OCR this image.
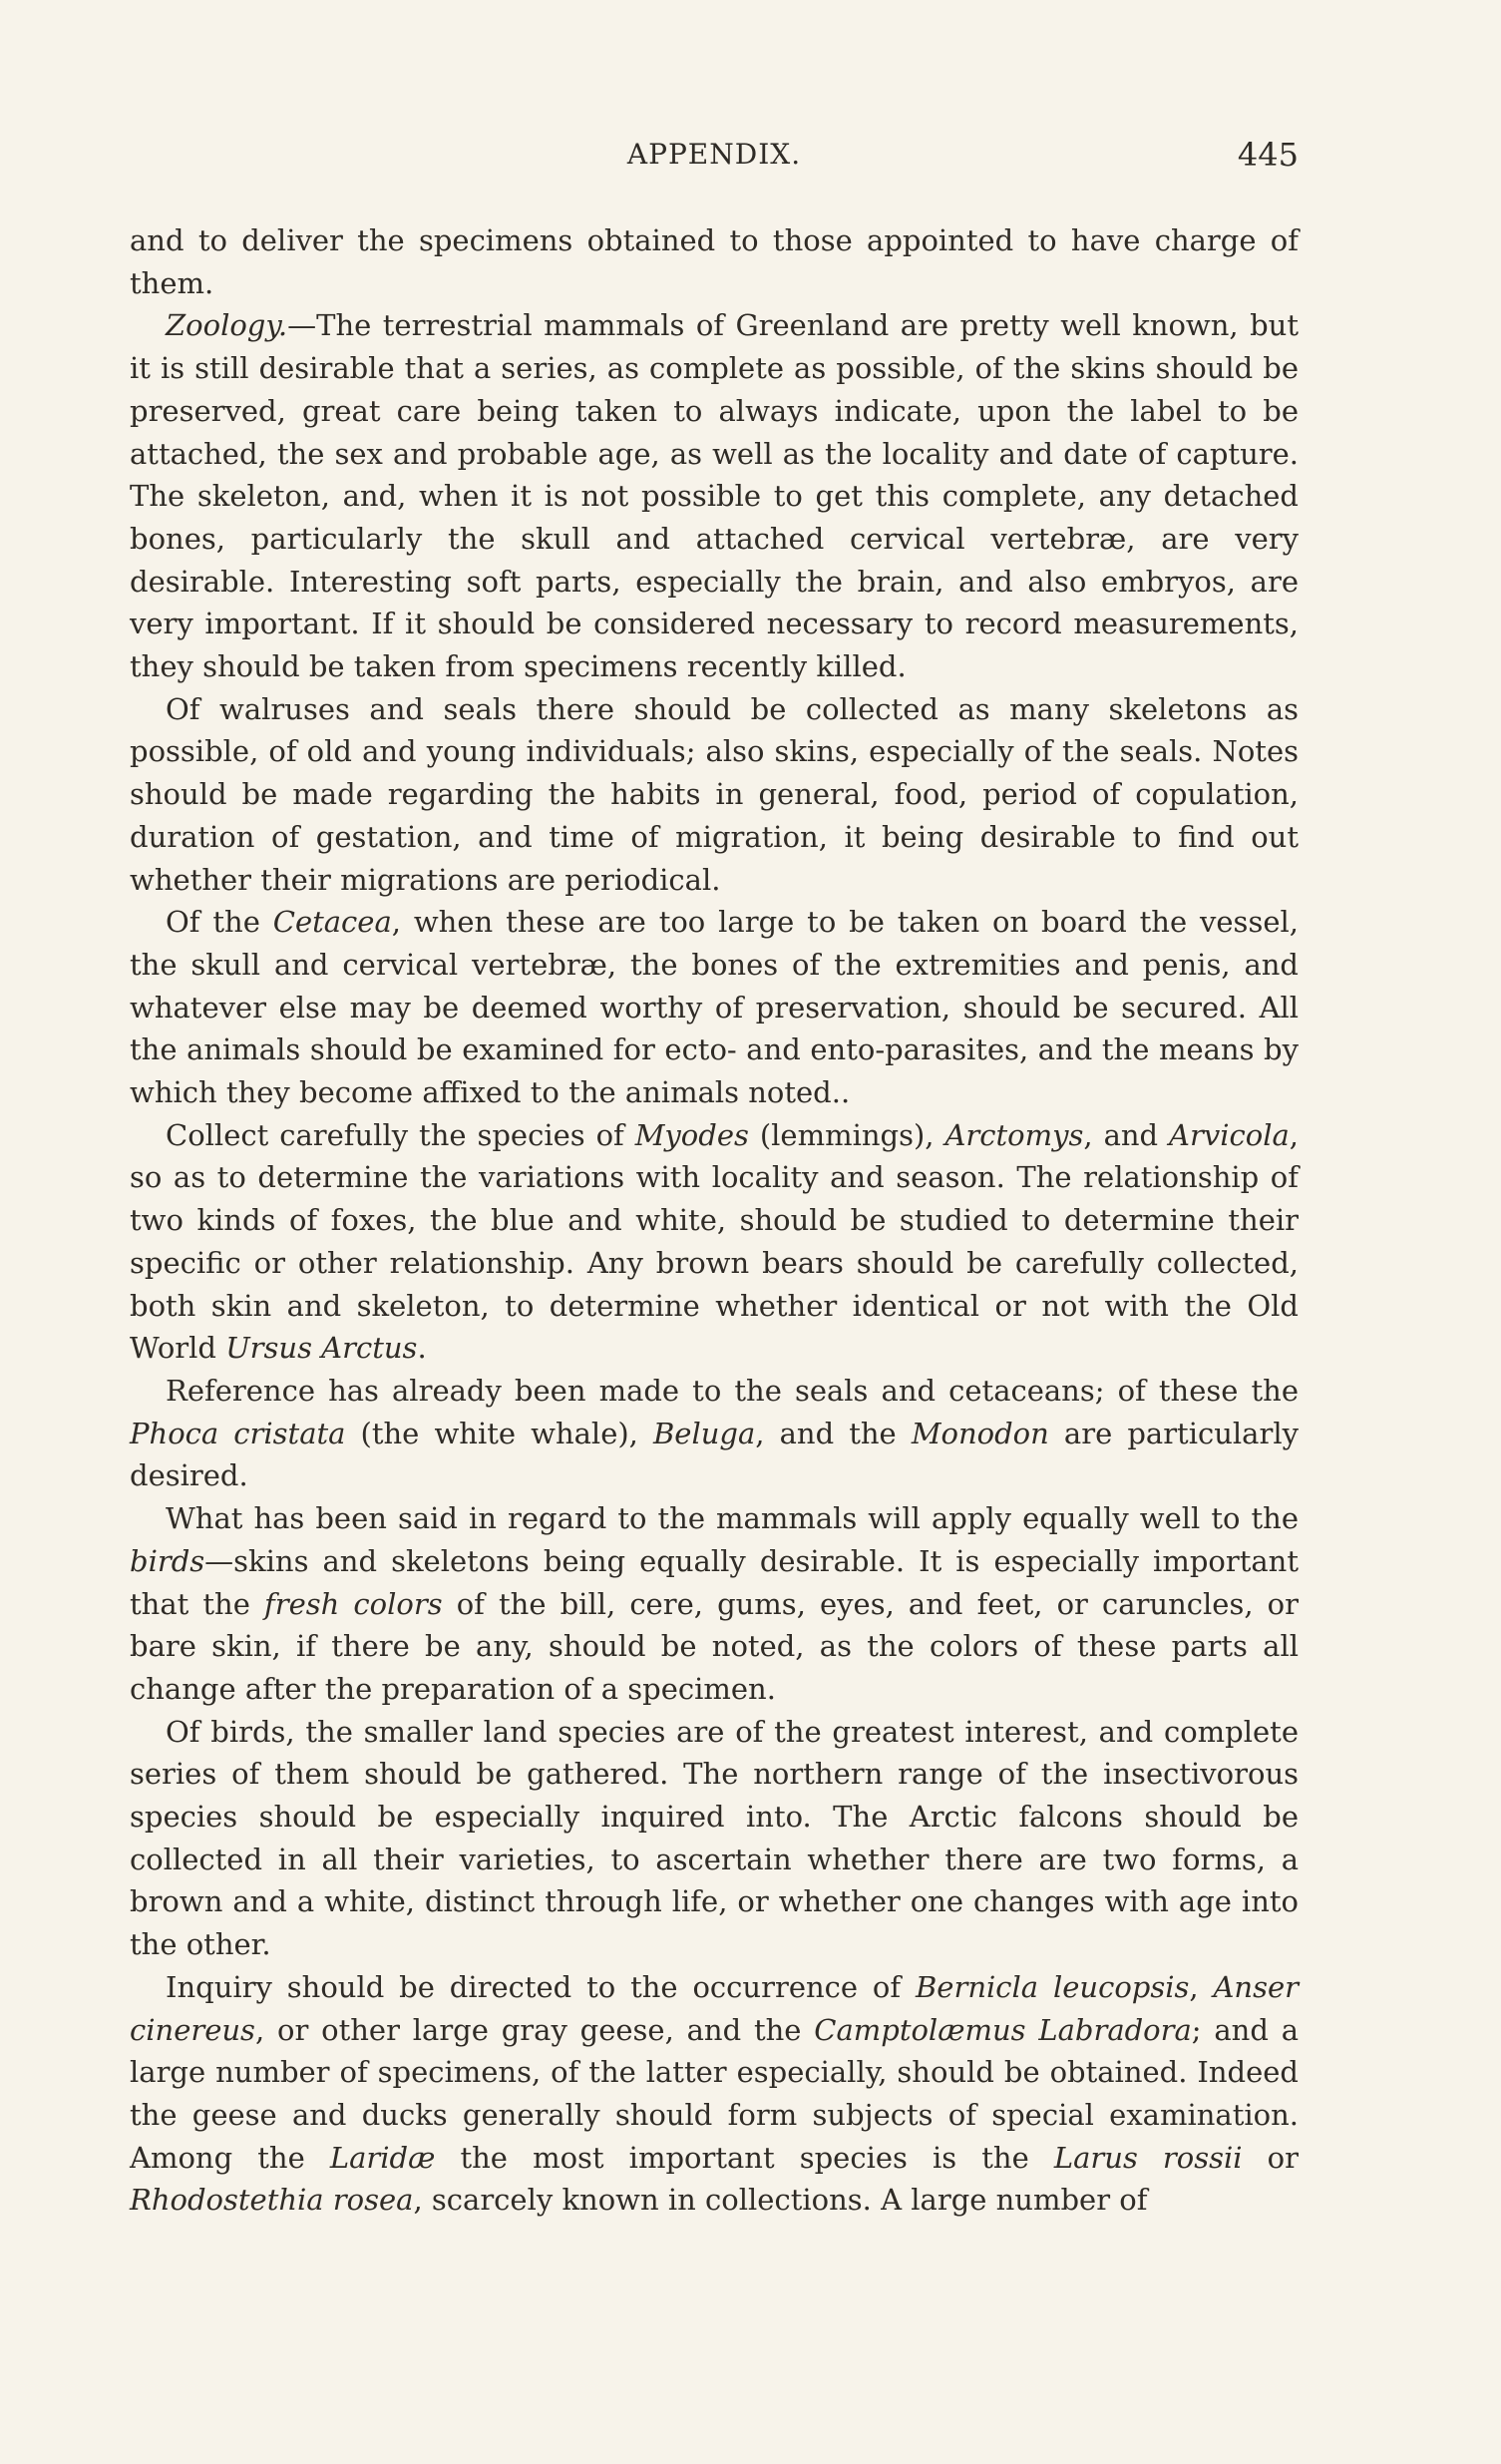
APPENDIX.	445

and to deliver the specimens obtained to those appointed to have charge of them.

Zoology.—The terrestrial mammals of Greenland are pretty well known, but it is still desirable that a series, as complete as possible, of the skins should be preserved, great care being taken to always indicate, upon the label to be attached, the sex and probable age, as well as the locality and date of capture. The skeleton, and, when it is not possible to get this complete, any detached bones, particularly the skull and attached cervical vertebræ, are very desirable. Interesting soft parts, especially the brain, and also embryos, are very important. If it should be considered necessary to record measurements, they should be taken from specimens recently killed.

Of walruses and seals there should be collected as many skeletons as possible, of old and young individuals; also skins, especially of the seals. Notes should be made regarding the habits in general, food, period of copulation, duration of gestation, and time of migration, it being desirable to find out whether their migrations are periodical.

Of the Cetacea, when these are too large to be taken on board the vessel, the skull and cervical vertebræ, the bones of the extremities and penis, and whatever else may be deemed worthy of preservation, should be secured. All the animals should be examined for ecto- and ento-parasites, and the means by which they become affixed to the animals noted..

Collect carefully the species of Myodes (lemmings), Arctomys, and Arvicola, so as to determine the variations with locality and season. The relationship of two kinds of foxes, the blue and white, should be studied to determine their specific or other relationship. Any brown bears should be carefully collected, both skin and skeleton, to determine whether identical or not with the Old World Ursus Arctus.

Reference has already been made to the seals and cetaceans; of these the Phoca cristata (the white whale), Beluga, and the Monodon are particularly desired.

What has been said in regard to the mammals will apply equally well to the birds—skins and skeletons being equally desirable. It is especially important that the fresh colors of the bill, cere, gums, eyes, and feet, or caruncles, or bare skin, if there be any, should be noted, as the colors of these parts all change after the preparation of a specimen.

Of birds, the smaller land species are of the greatest interest, and complete series of them should be gathered. The northern range of the insectivorous species should be especially inquired into. The Arctic falcons should be collected in all their varieties, to ascertain whether there are two forms, a brown and a white, distinct through life, or whether one changes with age into the other.

Inquiry should be directed to the occurrence of Bernicla leucopsis, Anser cinereus, or other large gray geese, and the Camptolæmus Labradora; and a large number of specimens, of the latter especially, should be obtained. Indeed the geese and ducks generally should form subjects of special examination. Among the Laridæ the most important species is the Larus rossii or Rhodostethia rosea, scarcely known in collections. A large number of
